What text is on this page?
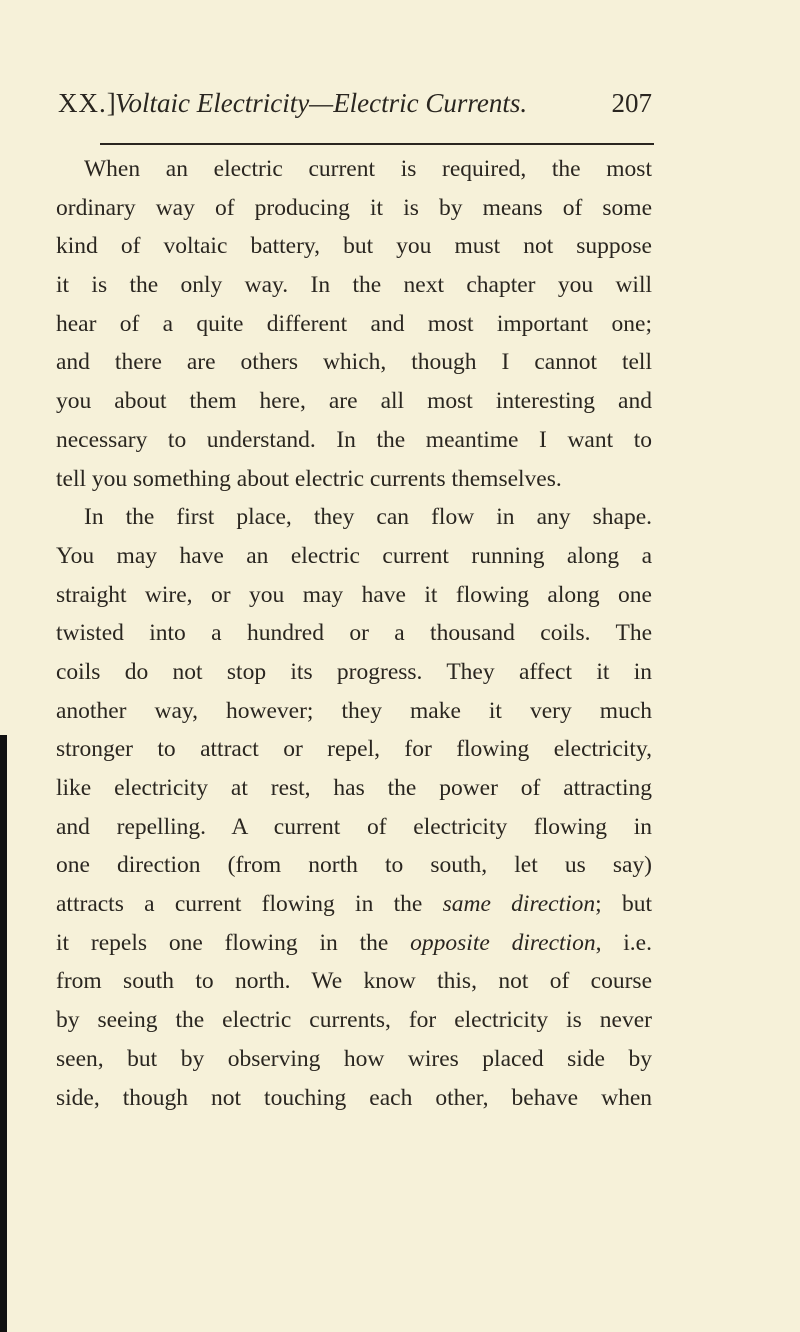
XX.]
Voltaic Electricity—Electric Currents.	207
When an electric current is required, the most
ordinary way of producing it is by means of some
kind of voltaic battery, but you must not suppose
it is the only way. In the next chapter you will
hear of a quite different and most important one;
and there are others which, though I cannot tell
you about them here, are all most interesting and
necessary to understand. In the meantime I want to
tell you something about electric currents themselves.
In the first place, they can flow in any shape.
You may have an electric current running along a
straight wire, or you may have it flowing along one
twisted into a hundred or a thousand coils. The
coils do not stop its progress. They affect it in
another way, however; they make it very much
stronger to attract or repel, for flowing electricity,
like electricity at rest, has the power of attracting
and repelling. A current of electricity flowing in
one direction (from north to south, let us say)
attracts a current flowing in the same direction; but
it repels one flowing in the opposite direction, i.e.
from south to north. We know this, not of course
by seeing the electric currents, for electricity is never
seen, but by observing how wires placed side by
side, though not touching each other, behave when
